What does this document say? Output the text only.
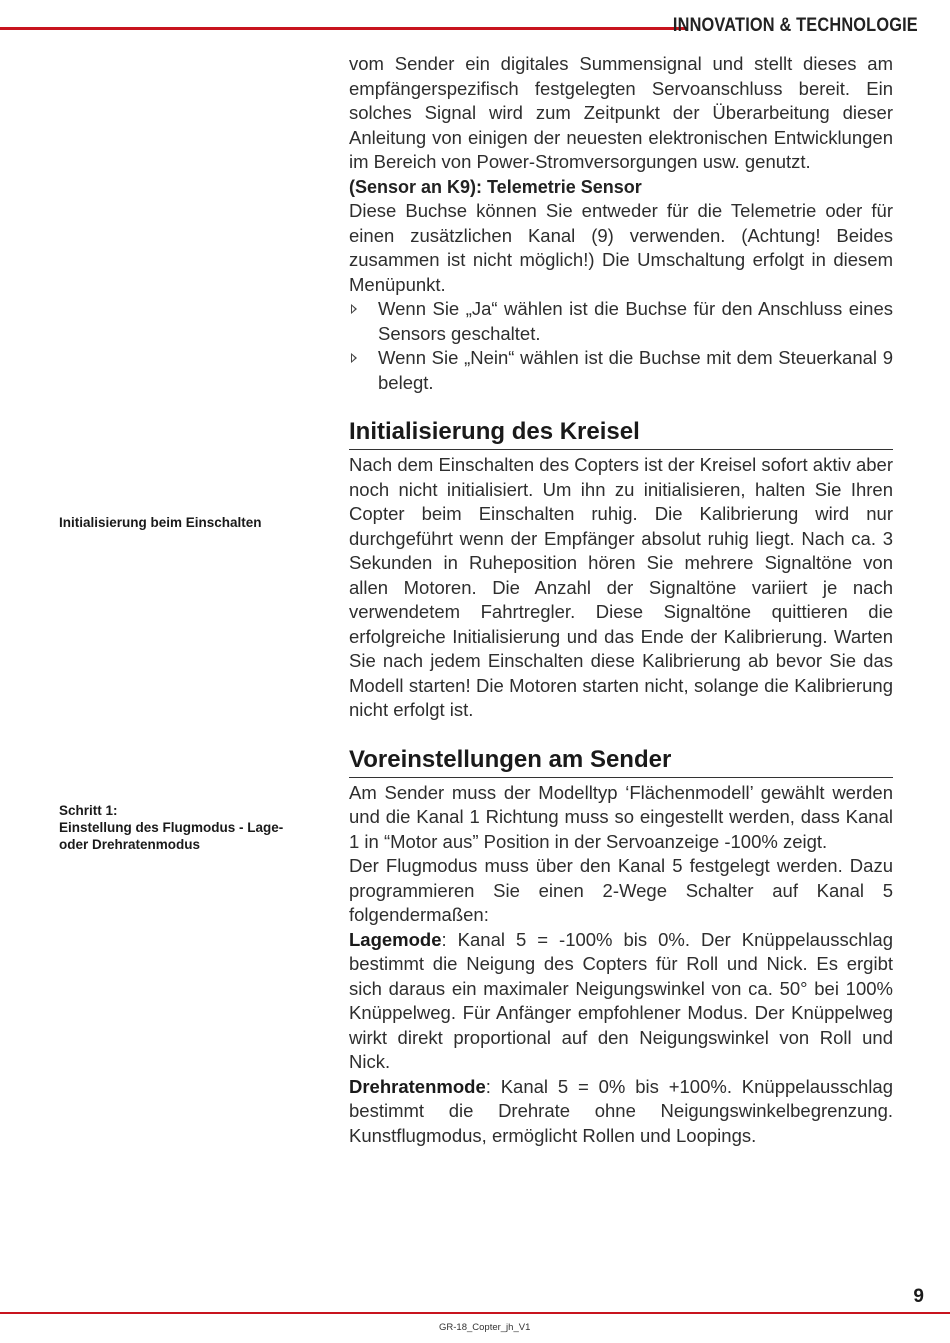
INNOVATION & TECHNOLOGIE
Initialisierung beim Einschalten
Schritt 1:
Einstellung des Flugmodus - Lage-
oder Drehratenmodus

vom Sender ein digitales Summensignal und stellt dieses am empfängerspezifisch festgelegten Servoanschluss bereit. Ein solches Signal wird zum Zeitpunkt der Überarbeitung dieser Anleitung von einigen der neuesten elektronischen Entwicklungen im Bereich von Power-Stromversorgungen usw. genutzt.

(Sensor an K9): Telemetrie Sensor

Diese Buchse können Sie entweder für die Telemetrie oder für einen zusätzlichen Kanal (9) verwenden. (Achtung! Beides zusammen ist nicht möglich!) Die Umschaltung erfolgt in diesem Menüpunkt.

Wenn Sie „Ja“ wählen ist die Buchse für den Anschluss eines Sensors geschaltet.

Wenn Sie „Nein“ wählen ist die Buchse mit dem Steuerkanal 9 belegt.

Initialisierung des Kreisel

Nach dem Einschalten des Copters ist der Kreisel sofort aktiv aber noch nicht initialisiert. Um ihn zu initialisieren, halten Sie Ihren Copter beim Einschalten ruhig. Die Kalibrierung wird nur durchgeführt wenn der Empfänger absolut ruhig liegt. Nach ca. 3 Sekunden in Ruheposition hören Sie mehrere Signaltöne von allen Motoren. Die Anzahl der Signaltöne variiert je nach verwendetem Fahrtregler. Diese Signaltöne quittieren die erfolgreiche Initialisierung und das Ende der Kalibrierung. Warten Sie nach jedem Einschalten diese Kalibrierung ab bevor Sie das Modell starten! Die Motoren starten nicht, solange die Kalibrierung nicht erfolgt ist.

Voreinstellungen am Sender

Am Sender muss der Modelltyp ‘Flächenmodell’ gewählt werden und die Kanal 1 Richtung muss so eingestellt werden, dass Kanal 1 in “Motor aus” Position in der Servoanzeige -100% zeigt.

Der Flugmodus muss über den Kanal 5 festgelegt werden. Dazu programmieren Sie einen 2-Wege Schalter auf Kanal 5 folgendermaßen:

Lagemode: Kanal 5 = -100% bis 0%. Der Knüppelausschlag bestimmt die Neigung des Copters für Roll und Nick. Es ergibt sich daraus ein maximaler Neigungswinkel von ca. 50° bei 100% Knüppelweg. Für Anfänger empfohlener Modus. Der Knüppelweg wirkt direkt proportional auf den Neigungswinkel von Roll und Nick.

Drehratenmode: Kanal 5 = 0% bis +100%. Knüppelausschlag bestimmt die Drehrate ohne Neigungswinkelbegrenzung. Kunstflugmodus, ermöglicht Rollen und Loopings.

9
GR-18_Copter_jh_V1
